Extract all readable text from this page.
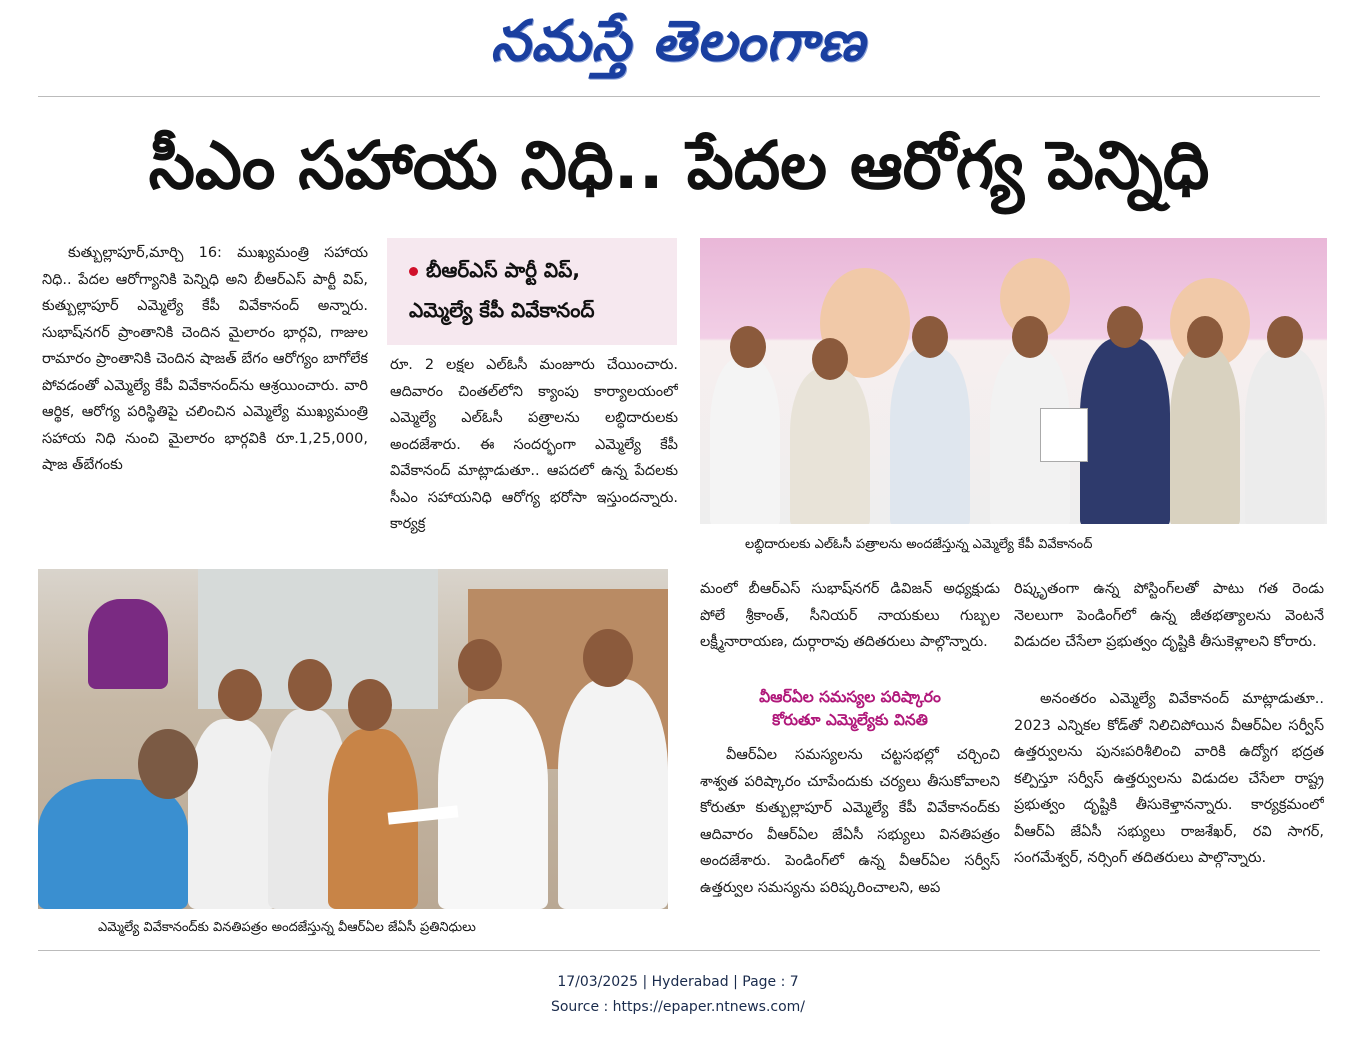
నమస్తే తెలంగాణ
సీఎం సహాయ నిధి.. పేదల ఆరోగ్య పెన్నిధి

కుత్బుల్లాపూర్,మార్చి 16: ముఖ్యమంత్రి సహాయ నిధి.. పేదల ఆరోగ్యానికి పెన్నిధి అని బీఆర్ఎస్ పార్టీ విప్, కుత్బుల్లాపూర్ ఎమ్మెల్యే కేపీ వివేకానంద్ అన్నారు. సుభాష్‌నగర్ ప్రాంతానికి చెందిన మైలారం భార్గవి, గాజుల రామారం ప్రాంతానికి చెందిన షాజత్ బేగం ఆరోగ్యం బాగోలేక పోవడంతో ఎమ్మెల్యే కేపీ వివేకానంద్‌ను ఆశ్రయించారు. వారి ఆర్థిక, ఆరోగ్య పరిస్థితిపై చలించిన ఎమ్మెల్యే ముఖ్యమంత్రి సహాయ నిధి నుంచి మైలారం భార్గవికి రూ.1,25,000, షాజ త్‌బేగంకు

బీఆర్ఎస్ పార్టీ విప్,
ఎమ్మెల్యే కేపీ వివేకానంద్

రూ. 2 లక్షల ఎల్ఓసీ మంజూరు చేయించారు. ఆదివారం చింతల్‌లోని క్యాంపు కార్యాలయంలో ఎమ్మెల్యే ఎల్ఓసీ పత్రాలను లబ్ధిదారులకు అందజేశారు. ఈ సందర్భంగా ఎమ్మెల్యే కేపీ వివేకానంద్ మాట్లాడుతూ.. ఆపదలో ఉన్న పేదలకు సీఎం సహాయనిధి ఆరోగ్య భరోసా ఇస్తుందన్నారు. కార్యక్ర

లబ్ధిదారులకు ఎల్ఓసీ పత్రాలను అందజేస్తున్న ఎమ్మెల్యే కేపీ వివేకానంద్
ఎమ్మెల్యే వివేకానంద్‌కు వినతిపత్రం అందజేస్తున్న వీఆర్ఏల జేఏసీ ప్రతినిధులు

మంలో బీఆర్ఎస్ సుభాష్‌నగర్ డివిజన్ అధ్యక్షుడు పోలే శ్రీకాంత్, సీనియర్ నాయకులు గుబ్బల లక్ష్మీనారాయణ, దుర్గారావు తదితరులు పాల్గొన్నారు.

వీఆర్ఏల సమస్యల పరిష్కారం
కోరుతూ ఎమ్మెల్యేకు వినతి

వీఆర్ఏల సమస్యలను చట్టసభల్లో చర్చించి శాశ్వత పరిష్కారం చూపేందుకు చర్యలు తీసుకోవాలని కోరుతూ కుత్బుల్లాపూర్ ఎమ్మెల్యే కేపీ వివేకానంద్‌కు ఆదివారం వీఆర్ఏల జేఏసీ సభ్యులు వినతిపత్రం అందజేశారు. పెండింగ్‌లో ఉన్న వీఆర్ఏల సర్వీస్ ఉత్తర్వుల సమస్యను పరిష్కరించాలని, అప

రిష్కృతంగా ఉన్న పోస్టింగ్‌లతో పాటు గత రెండు నెలలుగా పెండింగ్‌లో ఉన్న జీతభత్యాలను వెంటనే విడుదల చేసేలా ప్రభుత్వం దృష్టికి తీసుకెళ్లాలని కోరారు.

అనంతరం ఎమ్మెల్యే వివేకానంద్ మాట్లాడుతూ.. 2023 ఎన్నికల కోడ్‌తో నిలిచిపోయిన వీఆర్ఏల సర్వీస్ ఉత్తర్వులను పునఃపరిశీలించి వారికి ఉద్యోగ భద్రత కల్పిస్తూ సర్వీస్ ఉత్తర్వులను విడుదల చేసేలా రాష్ట్ర ప్రభుత్వం దృష్టికి తీసుకెళ్తానన్నారు. కార్యక్రమంలో వీఆర్ఏ జేఏసీ సభ్యులు రాజశేఖర్, రవి సాగర్, సంగమేశ్వర్, నర్సింగ్ తదితరులు పాల్గొన్నారు.

17/03/2025 | Hyderabad | Page : 7
Source : https://epaper.ntnews.com/
